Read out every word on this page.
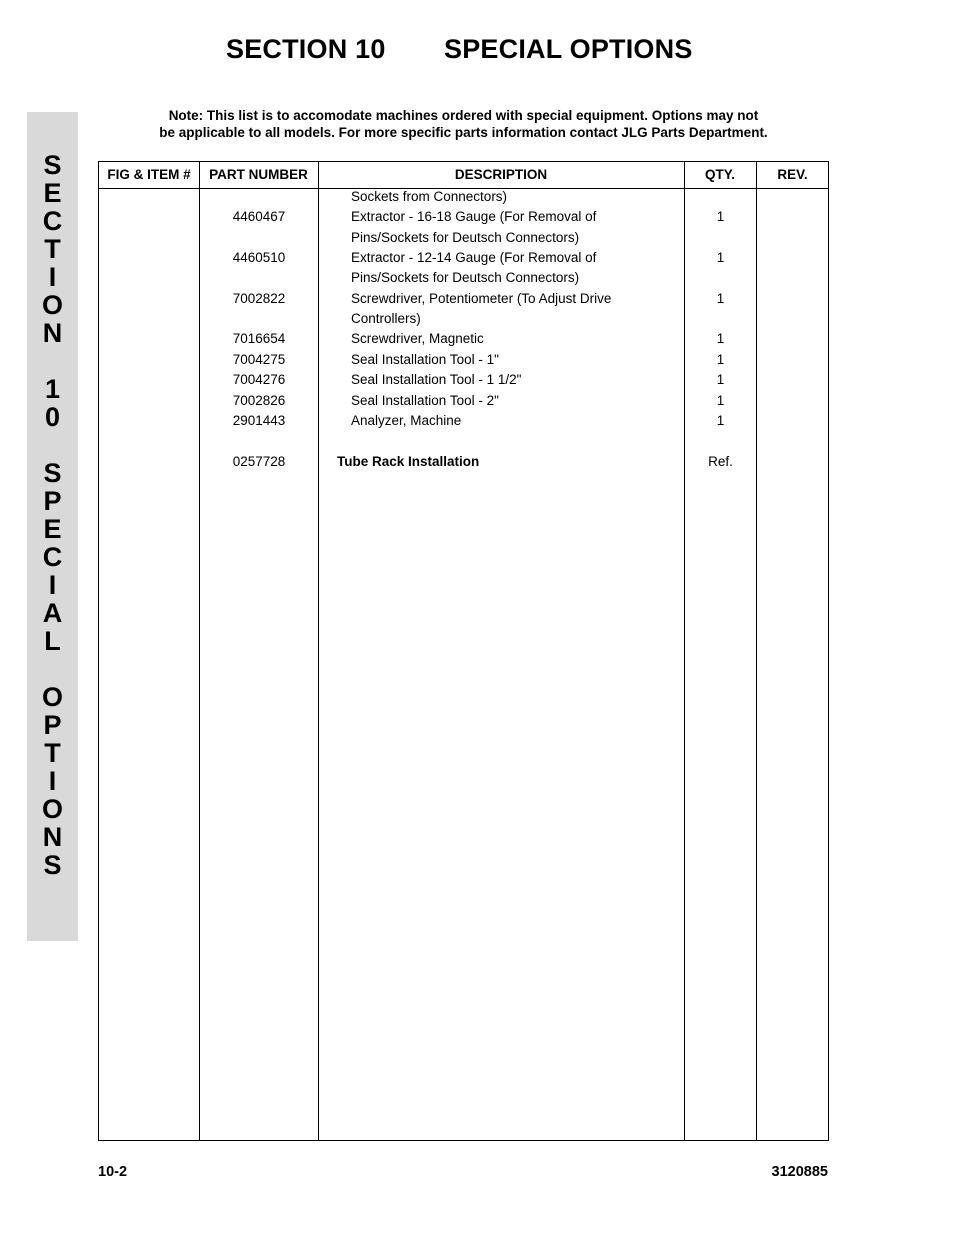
SECTION 10 SPECIAL OPTIONS
Note: This list is to accomodate machines ordered with special equipment. Options may not
be applicable to all models. For more specific parts information contact JLG Parts Department.
S
E
C
T
I
O
N
1
0
S
P
E
C
I
A
L
O
P
T
I
O
N
S
FIG & ITEM #	PART NUMBER	DESCRIPTION	QTY.	REV.
Sockets from Connectors)
4460467	Extractor - 16-18 Gauge (For Removal of	1
Pins/Sockets for Deutsch Connectors)
4460510	Extractor - 12-14 Gauge (For Removal of	1
Pins/Sockets for Deutsch Connectors)
7002822	Screwdriver, Potentiometer (To Adjust Drive	1
Controllers)
7016654	Screwdriver, Magnetic	1
7004275	Seal Installation Tool - 1"	1
7004276	Seal Installation Tool - 1 1/2"	1
7002826	Seal Installation Tool - 2"	1
2901443	Analyzer, Machine	1
0257728	Tube Rack Installation	Ref.
10-2	3120885
